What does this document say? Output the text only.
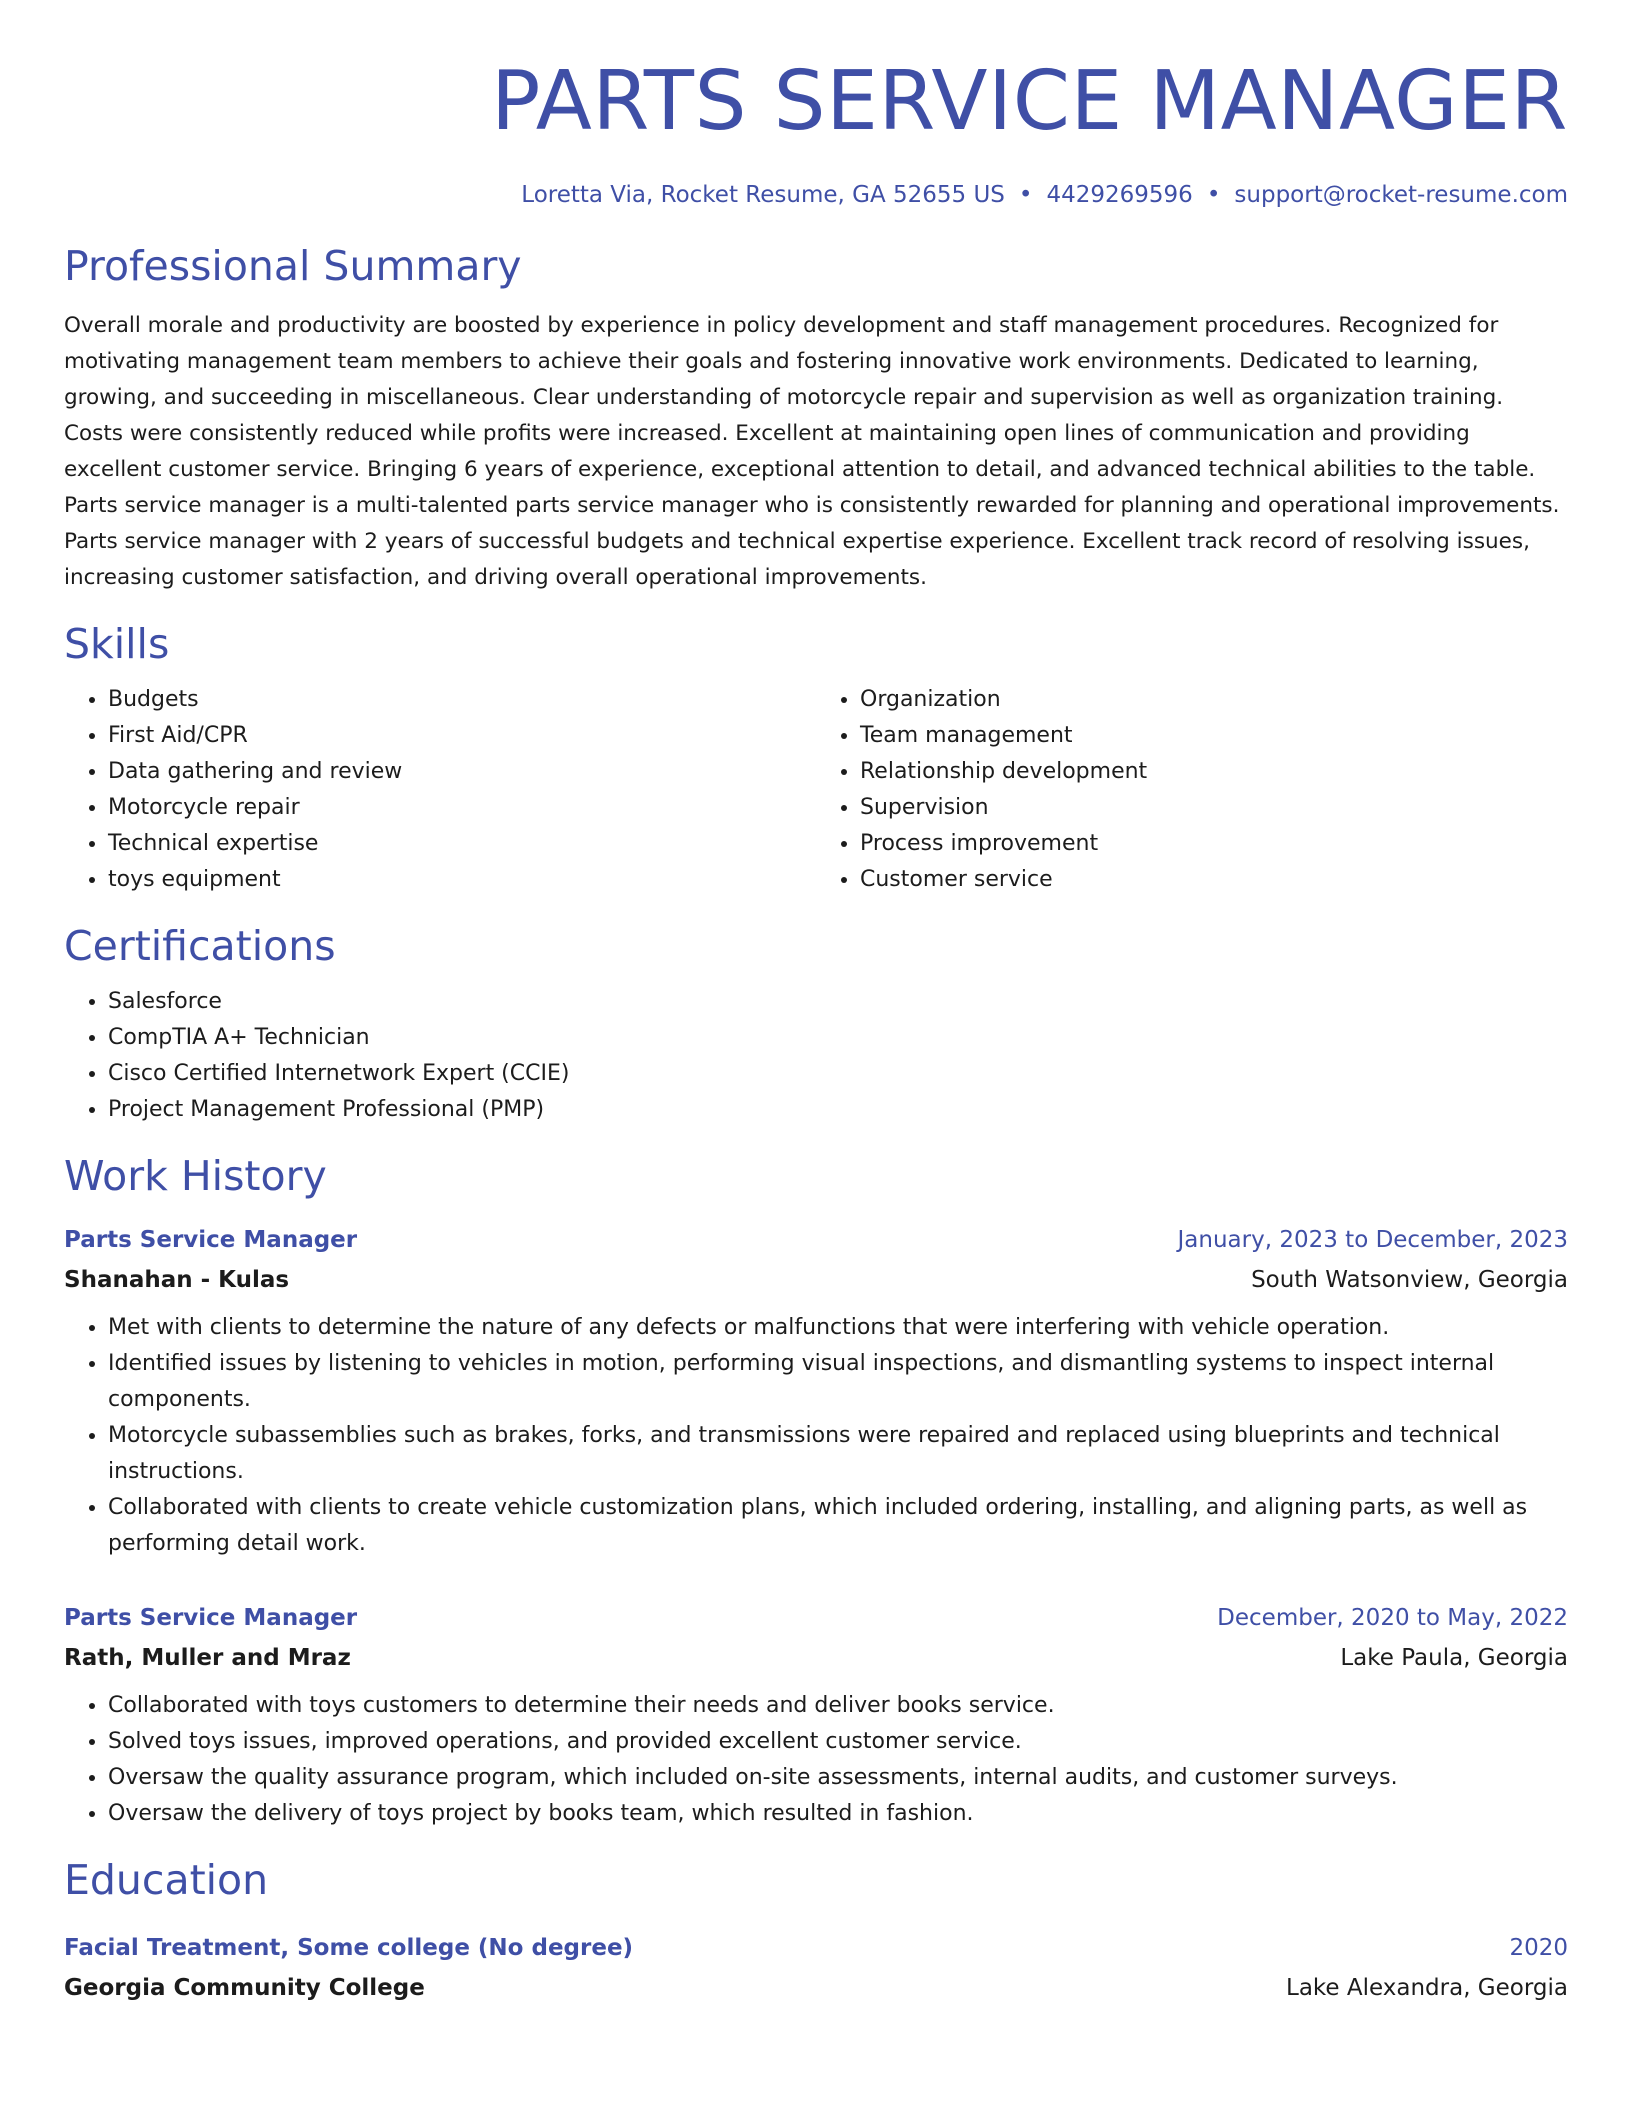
PARTS SERVICE MANAGER
Loretta Via, Rocket Resume, GA 52655 US • 4429269596 • support@rocket-resume.com
Professional Summary

Overall morale and productivity are boosted by experience in policy development and staff management procedures. Recognized for motivating management team members to achieve their goals and fostering innovative work environments. Dedicated to learning, growing, and succeeding in miscellaneous. Clear understanding of motorcycle repair and supervision as well as organization training. Costs were consistently reduced while profits were increased. Excellent at maintaining open lines of communication and providing excellent customer service. Bringing 6 years of experience, exceptional attention to detail, and advanced technical abilities to the table. Parts service manager is a multi-talented parts service manager who is consistently rewarded for planning and operational improvements. Parts service manager with 2 years of successful budgets and technical expertise experience. Excellent track record of resolving issues, increasing customer satisfaction, and driving overall operational improvements.

Skills
• Budgets
• First Aid/CPR
• Data gathering and review
• Motorcycle repair
• Technical expertise
• toys equipment
• Organization
• Team management
• Relationship development
• Supervision
• Process improvement
• Customer service
Certifications
• Salesforce
• CompTIA A+ Technician
• Cisco Certified Internetwork Expert (CCIE)
• Project Management Professional (PMP)
Work History
Parts Service Manager	January, 2023 to December, 2023
Shanahan - Kulas	South Watsonview, Georgia
• Met with clients to determine the nature of any defects or malfunctions that were interfering with vehicle operation.
• Identified issues by listening to vehicles in motion, performing visual inspections, and dismantling systems to inspect internal components.
• Motorcycle subassemblies such as brakes, forks, and transmissions were repaired and replaced using blueprints and technical instructions.
• Collaborated with clients to create vehicle customization plans, which included ordering, installing, and aligning parts, as well as performing detail work.
Parts Service Manager	December, 2020 to May, 2022
Rath, Muller and Mraz	Lake Paula, Georgia
• Collaborated with toys customers to determine their needs and deliver books service.
• Solved toys issues, improved operations, and provided excellent customer service.
• Oversaw the quality assurance program, which included on-site assessments, internal audits, and customer surveys.
• Oversaw the delivery of toys project by books team, which resulted in fashion.
Education
Facial Treatment, Some college (No degree)	2020
Georgia Community College	Lake Alexandra, Georgia
